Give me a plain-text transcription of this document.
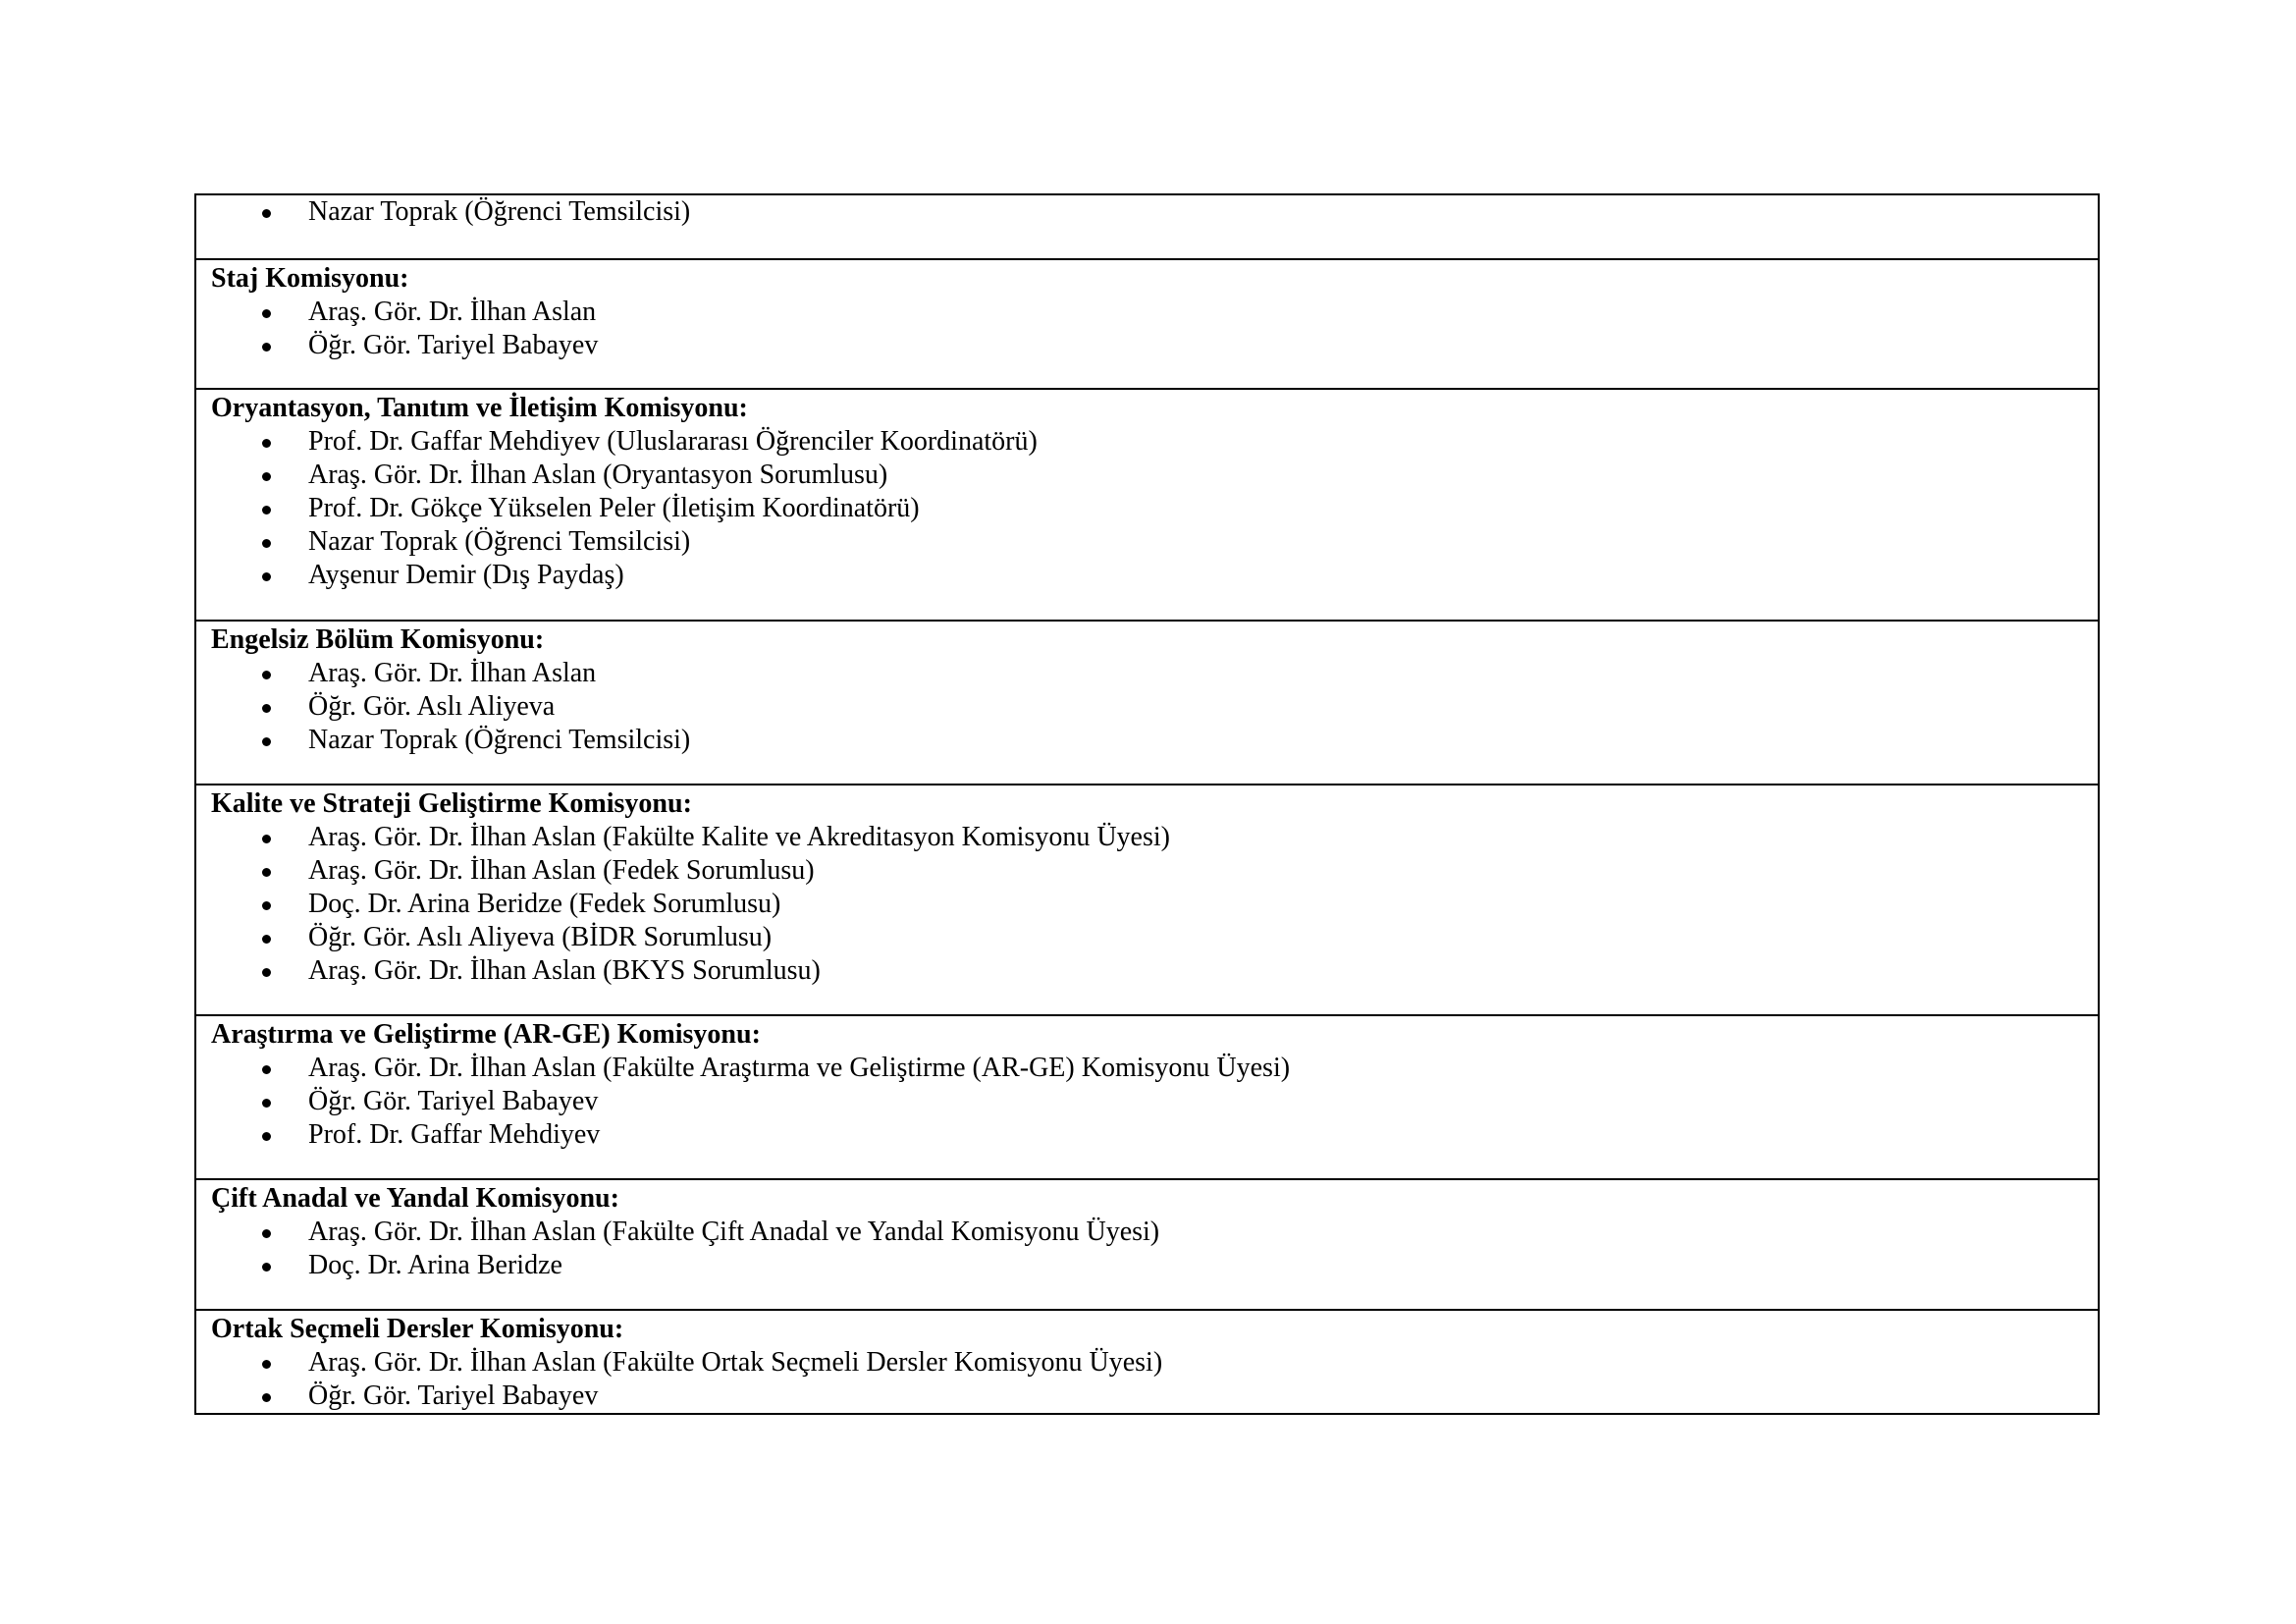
Nazar Toprak (Öğrenci Temsilcisi)

Staj Komisyonu:

Araş. Gör. Dr. İlhan Aslan
Öğr. Gör. Tariyel Babayev

Oryantasyon, Tanıtım ve İletişim Komisyonu:

Prof. Dr. Gaffar Mehdiyev (Uluslararası Öğrenciler Koordinatörü)
Araş. Gör. Dr. İlhan Aslan (Oryantasyon Sorumlusu)
Prof. Dr. Gökçe Yükselen Peler (İletişim Koordinatörü)
Nazar Toprak (Öğrenci Temsilcisi)
Ayşenur Demir (Dış Paydaş)

Engelsiz Bölüm Komisyonu:

Araş. Gör. Dr. İlhan Aslan
Öğr. Gör. Aslı Aliyeva
Nazar Toprak (Öğrenci Temsilcisi)

Kalite ve Strateji Geliştirme Komisyonu:

Araş. Gör. Dr. İlhan Aslan (Fakülte Kalite ve Akreditasyon Komisyonu Üyesi)
Araş. Gör. Dr. İlhan Aslan (Fedek Sorumlusu)
Doç. Dr. Arina Beridze (Fedek Sorumlusu)
Öğr. Gör. Aslı Aliyeva (BİDR Sorumlusu)
Araş. Gör. Dr. İlhan Aslan (BKYS Sorumlusu)

Araştırma ve Geliştirme (AR-GE) Komisyonu:

Araş. Gör. Dr. İlhan Aslan (Fakülte Araştırma ve Geliştirme (AR-GE) Komisyonu Üyesi)
Öğr. Gör. Tariyel Babayev
Prof. Dr. Gaffar Mehdiyev

Çift Anadal ve Yandal Komisyonu:

Araş. Gör. Dr. İlhan Aslan (Fakülte Çift Anadal ve Yandal Komisyonu Üyesi)
Doç. Dr. Arina Beridze

Ortak Seçmeli Dersler Komisyonu:

Araş. Gör. Dr. İlhan Aslan (Fakülte Ortak Seçmeli Dersler Komisyonu Üyesi)
Öğr. Gör. Tariyel Babayev
